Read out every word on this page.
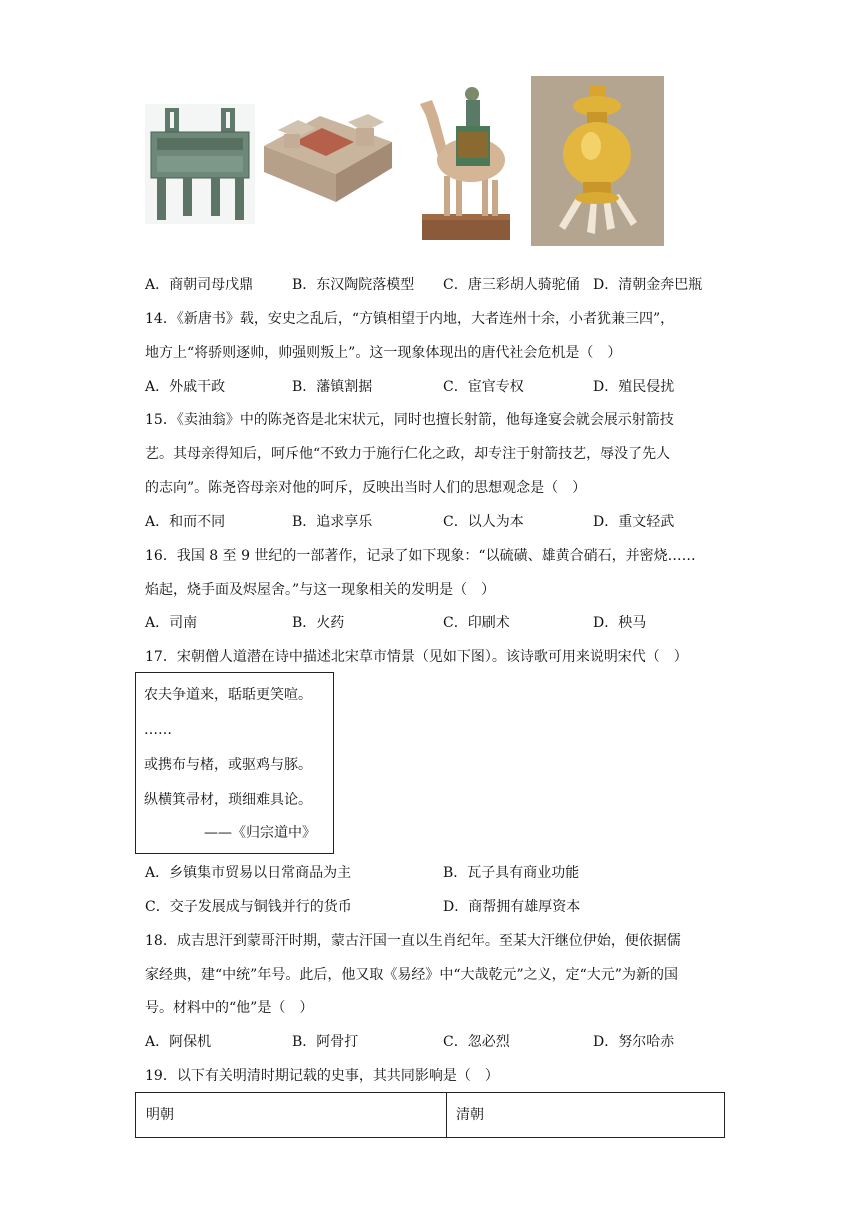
A．商朝司母戊鼎	B．东汉陶院落模型 C．唐三彩胡人骑驼俑 D．清朝金奔巴瓶
14．《新唐书》载，安史之乱后，“方镇相望于内地，大者连州十余，小者犹兼三四”，
地方上“将骄则逐帅，帅强则叛上”。这一现象体现出的唐代社会危机是（　）
A．外戚干政	B．藩镇割据	C．宦官专权	D．殖民侵扰
15．《卖油翁》中的陈尧咨是北宋状元，同时也擅长射箭，他每逢宴会就会展示射箭技
艺。其母亲得知后，呵斥他“不致力于施行仁化之政，却专注于射箭技艺，辱没了先人
的志向”。陈尧咨母亲对他的呵斥，反映出当时人们的思想观念是（　）
A．和而不同	B．追求享乐	C．以人为本	D．重文轻武
16．我国 8 至 9 世纪的一部著作，记录了如下现象：“以硫磺、雄黄合硝石，并密烧……
焰起，烧手面及烬屋舍。”与这一现象相关的发明是（　）
A．司南	B．火药	C．印刷术	D．秧马
17．宋朝僧人道潜在诗中描述北宋草市情景（见如下图）。该诗歌可用来说明宋代（　）
农夫争道来，聒聒更笑喧。
……
或携布与楮，或驱鸡与豚。
纵横箕帚材，琐细难具论。
——《归宗道中》
A．乡镇集市贸易以日常商品为主	B．瓦子具有商业功能
C．交子发展成与铜钱并行的货币	D．商帮拥有雄厚资本
18．成吉思汗到蒙哥汗时期，蒙古汗国一直以生肖纪年。至某大汗继位伊始，便依据儒
家经典，建“中统”年号。此后，他又取《易经》中“大哉乾元”之义，定“大元”为新的国
号。材料中的“他”是（　）
A．阿保机	B．阿骨打	C．忽必烈	D．努尔哈赤
19．以下有关明清时期记载的史事，其共同影响是（　）
明朝	清朝
